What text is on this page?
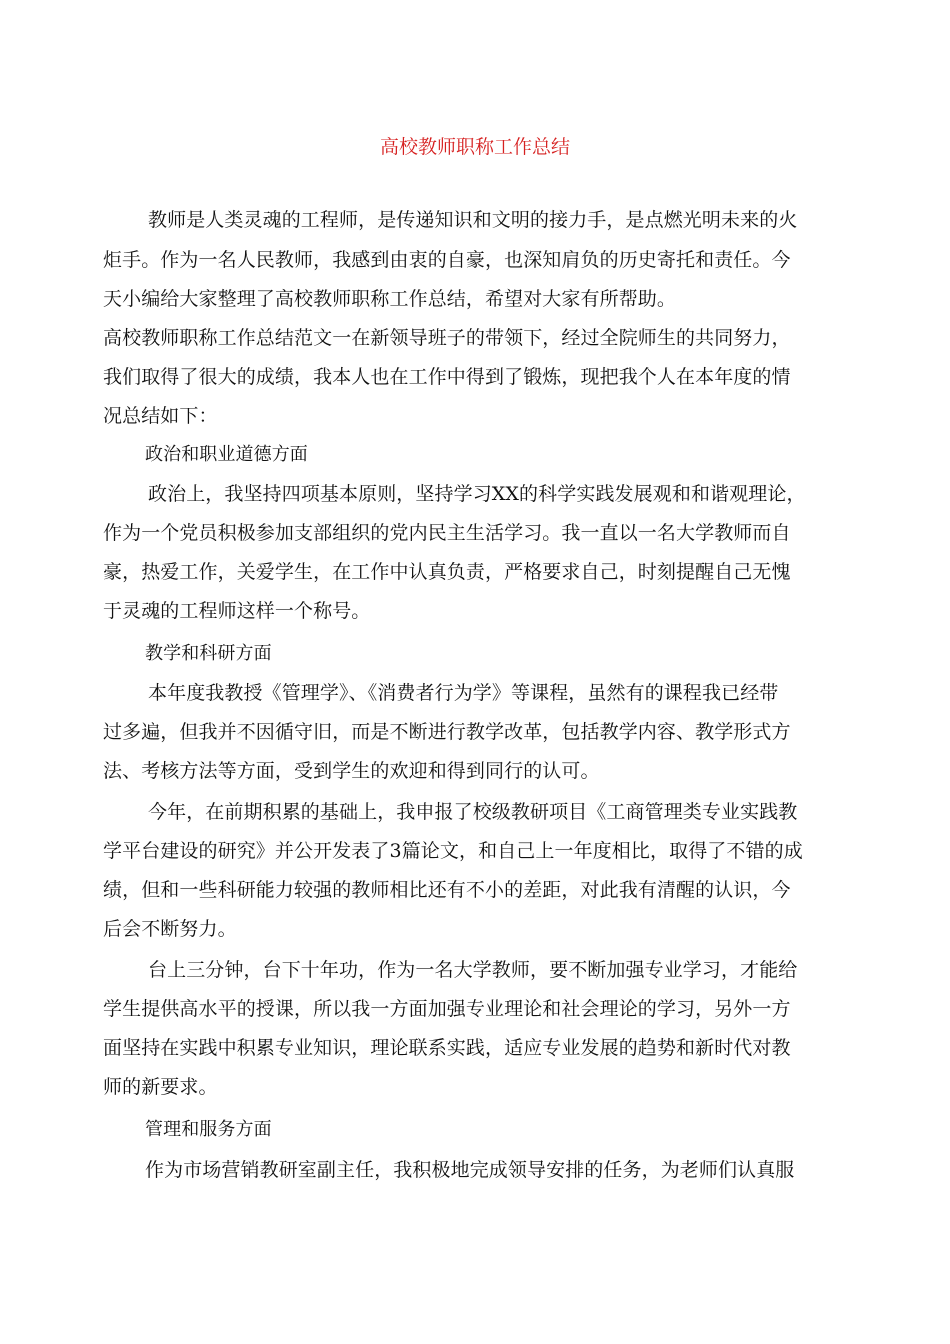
高校教师职称工作总结
教师是人类灵魂的工程师，是传递知识和文明的接力手，是点燃光明未来的火
炬手。作为一名人民教师，我感到由衷的自豪，也深知肩负的历史寄托和责任。今
天小编给大家整理了高校教师职称工作总结，希望对大家有所帮助。
高校教师职称工作总结范文一在新领导班子的带领下，经过全院师生的共同努力，
我们取得了很大的成绩，我本人也在工作中得到了锻炼，现把我个人在本年度的情
况总结如下：
政治和职业道德方面
政治上，我坚持四项基本原则，坚持学习XX的科学实践发展观和和谐观理论，
作为一个党员积极参加支部组织的党内民主生活学习。我一直以一名大学教师而自
豪，热爱工作，关爱学生，在工作中认真负责，严格要求自己，时刻提醒自己无愧
于灵魂的工程师这样一个称号。
教学和科研方面
本年度我教授《管理学》、《消费者行为学》等课程，虽然有的课程我已经带
过多遍，但我并不因循守旧，而是不断进行教学改革，包括教学内容、教学形式方
法、考核方法等方面，受到学生的欢迎和得到同行的认可。
今年，在前期积累的基础上，我申报了校级教研项目《工商管理类专业实践教
学平台建设的研究》并公开发表了3篇论文，和自己上一年度相比，取得了不错的成
绩，但和一些科研能力较强的教师相比还有不小的差距，对此我有清醒的认识，今
后会不断努力。
台上三分钟，台下十年功，作为一名大学教师，要不断加强专业学习，才能给
学生提供高水平的授课，所以我一方面加强专业理论和社会理论的学习，另外一方
面坚持在实践中积累专业知识，理论联系实践，适应专业发展的趋势和新时代对教
师的新要求。
管理和服务方面
作为市场营销教研室副主任，我积极地完成领导安排的任务，为老师们认真服
